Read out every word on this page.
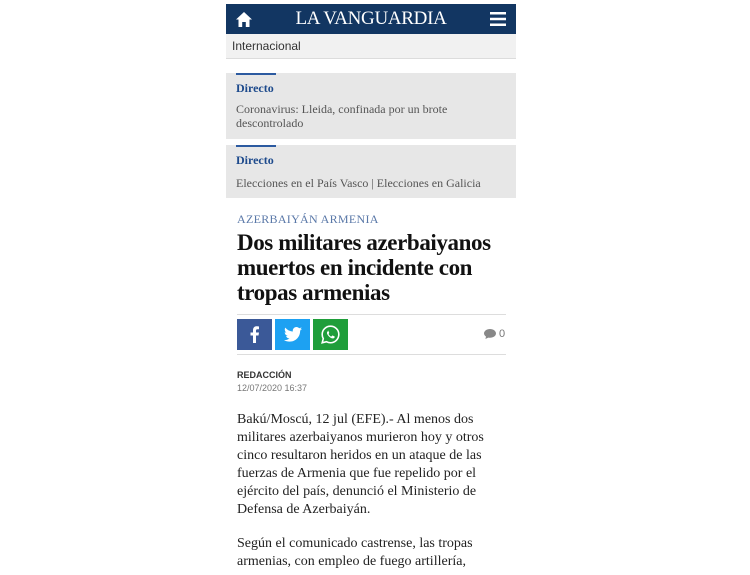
LA VANGUARDIA
Internacional
Directo
Coronavirus: Lleida, confinada por un brote descontrolado
Directo
Elecciones en el País Vasco | Elecciones en Galicia
AZERBAIYÁN ARMENIA
Dos militares azerbaiyanos muertos en incidente con tropas armenias
0
REDACCIÓN
12/07/2020 16:37

Bakú/Moscú, 12 jul (EFE).- Al menos dos militares azerbaiyanos murieron hoy y otros cinco resultaron heridos en un ataque de las fuerzas de Armenia que fue repelido por el ejército del país, denunció el Ministerio de Defensa de Azerbaiyán.

Según el comunicado castrense, las tropas armenias, con empleo de fuego artillería,
